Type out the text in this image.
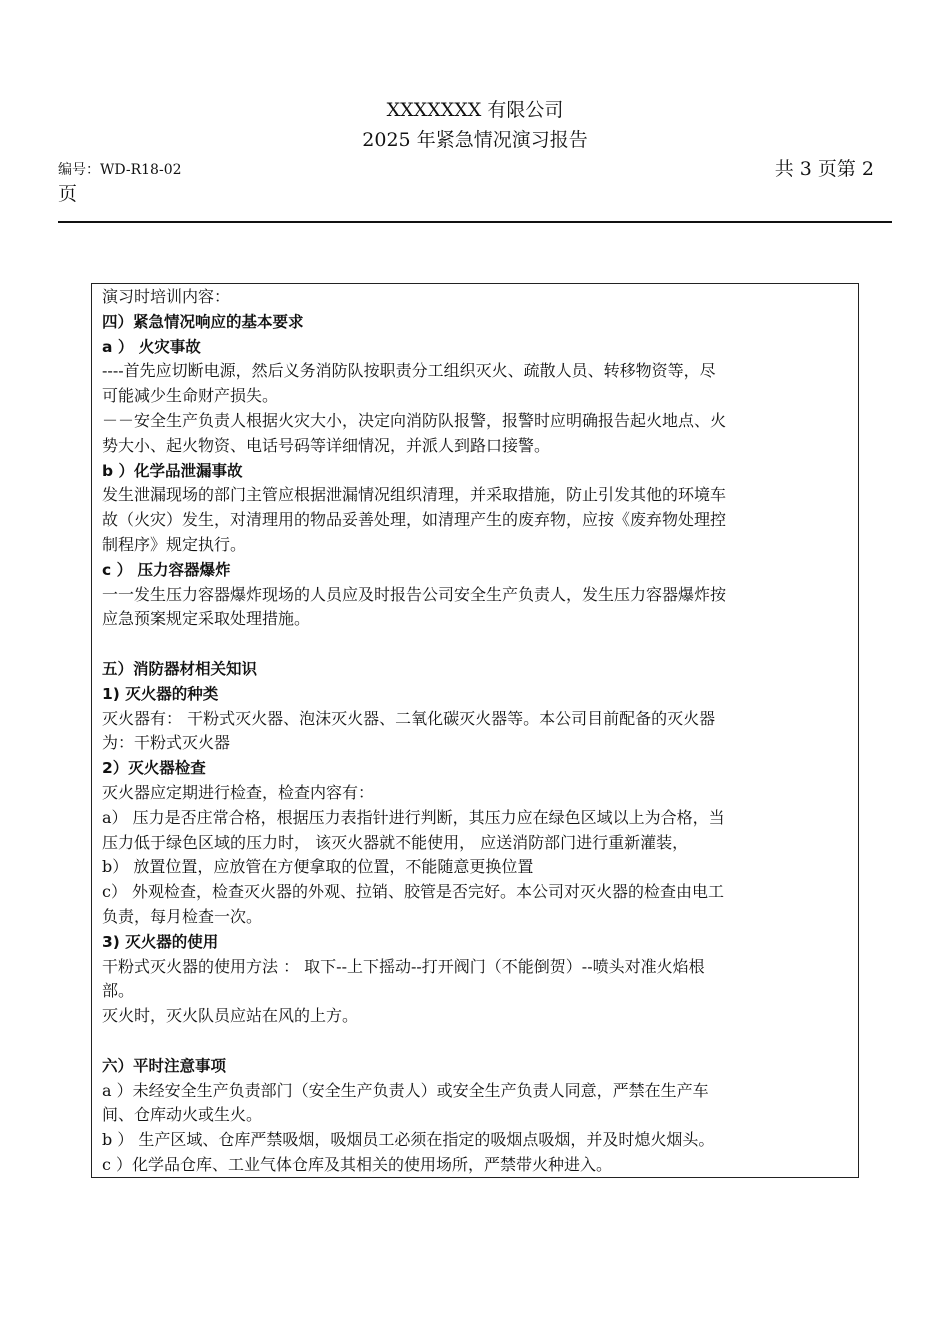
XXXXXXX 有限公司
2025 年紧急情况演习报告
编号：WD-R18-02	共 3 页第 2
页
演习时培训内容：
四）紧急情况响应的基本要求
a ） 火灾事故
----首先应切断电源，然后义务消防队按职责分工组织灭火、疏散人员、转移物资等，尽
可能减少生命财产损失。
－－安全生产负责人根据火灾大小，决定向消防队报警，报警时应明确报告起火地点、火
势大小、起火物资、电话号码等详细情况，并派人到路口接警。
b ）化学品泄漏事故
发生泄漏现场的部门主管应根据泄漏情况组织清理，并采取措施，防止引发其他的环境车
故（火灾）发生，对清理用的物品妥善处理，如清理产生的废弃物，应按《废弃物处理控
制程序》规定执行。
c ） 压力容器爆炸
一一发生压力容器爆炸现场的人员应及时报告公司安全生产负责人，发生压力容器爆炸按
应急预案规定采取处理措施。
五）消防器材相关知识
1) 灭火器的种类
灭火器有： 干粉式灭火器、泡沫灭火器、二氧化碳灭火器等。本公司目前配备的灭火器
为：干粉式灭火器
2）灭火器检查
灭火器应定期进行检查，检查内容有：
a） 压力是否庄常合格，根据压力表指针进行判断，其压力应在绿色区域以上为合格，当
压力低于绿色区域的压力时， 该灭火器就不能使用， 应送消防部门进行重新灌装，
b） 放置位置，应放管在方便拿取的位置，不能随意更换位置
c） 外观检查，检查灭火器的外观、拉销、胶管是否完好。本公司对灭火器的检查由电工
负责，每月检查一次。
3) 灭火器的使用
干粉式灭火器的使用方法 ： 取下--上下摇动--打开阀门（不能倒贺）--喷头对准火焰根
部。
灭火时，灭火队员应站在风的上方。
六）平时注意事项
a ）未经安全生产负责部门（安全生产负责人）或安全生产负责人同意，严禁在生产车
间、仓库动火或生火。
b ） 生产区域、仓库严禁吸烟，吸烟员工必须在指定的吸烟点吸烟，并及时熄火烟头。
c ）化学品仓库、工业气体仓库及其相关的使用场所，严禁带火种进入。
